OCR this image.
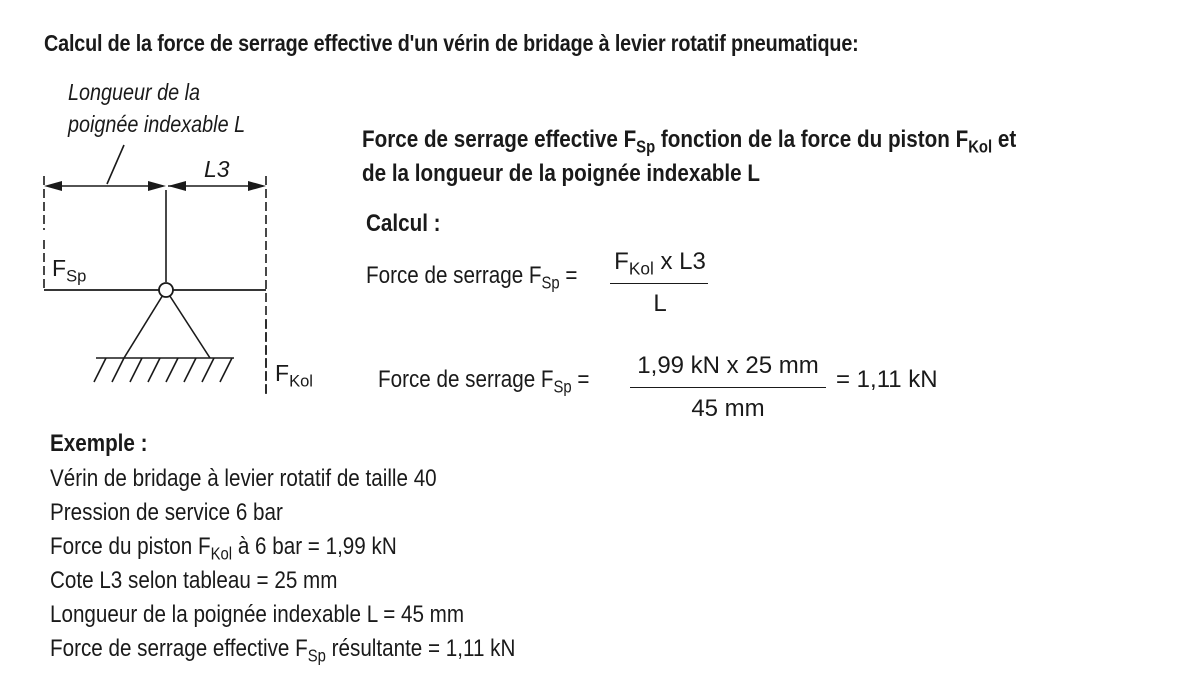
Calcul de la force de serrage effective d'un vérin de bridage à levier rotatif pneumatique:
Longueur de la
poignée indexable L
L3
$F_{Sp}$
$F_{Kol}$
Force de serrage effective $F_{Sp}$ fonction de la force du piston $F_{Kol}$ et
de la longueur de la poignée indexable L
Calcul :
Force de serrage $F_{Sp}$ =
$F_{Kol}$ x L3
L
Force de serrage $F_{Sp}$ =
1,99 kN x 25 mm
45 mm
= 1,11 kN
Exemple :
Vérin de bridage à levier rotatif de taille 40
Pression de service 6 bar
Force du piston $F_{Kol}$ à 6 bar = 1,99 kN
Cote L3 selon tableau = 25 mm
Longueur de la poignée indexable L = 45 mm
Force de serrage effective $F_{Sp}$ résultante = 1,11 kN
